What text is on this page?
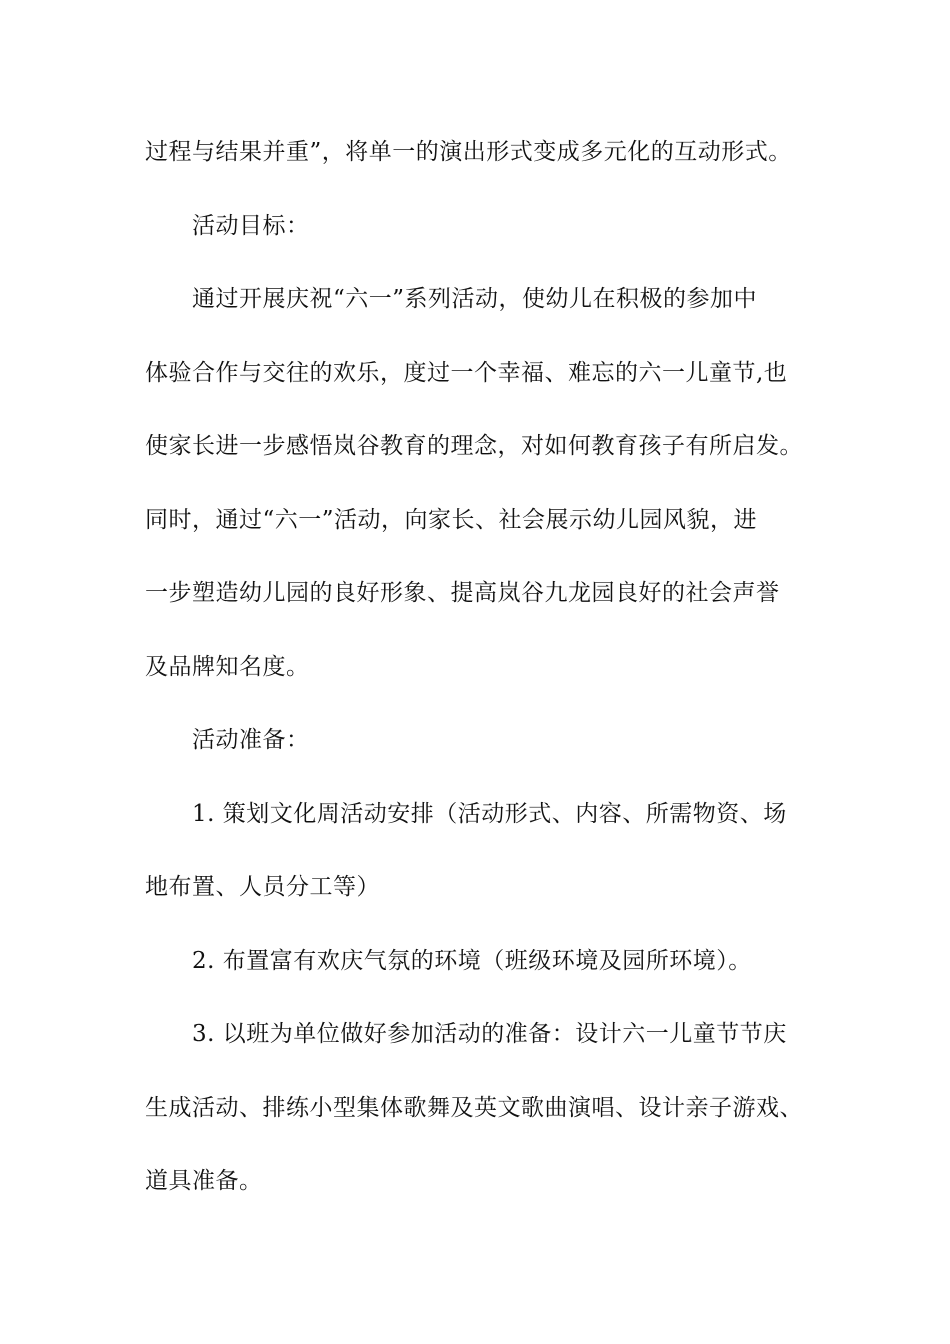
过程与结果并重”，将单一的演出形式变成多元化的互动形式。
活动目标：
通过开展庆祝“六一”系列活动，使幼儿在积极的参加中
体验合作与交往的欢乐，度过一个幸福、难忘的六一儿童节,也
使家长进一步感悟岚谷教育的理念，对如何教育孩子有所启发。
同时，通过“六一”活动，向家长、社会展示幼儿园风貌，进
一步塑造幼儿园的良好形象、提高岚谷九龙园良好的社会声誉
及品牌知名度。
活动准备：
1. 策划文化周活动安排（活动形式、内容、所需物资、场
地布置、人员分工等）
2. 布置富有欢庆气氛的环境（班级环境及园所环境）。
3. 以班为单位做好参加活动的准备：设计六一儿童节节庆
生成活动、排练小型集体歌舞及英文歌曲演唱、设计亲子游戏、
道具准备。
